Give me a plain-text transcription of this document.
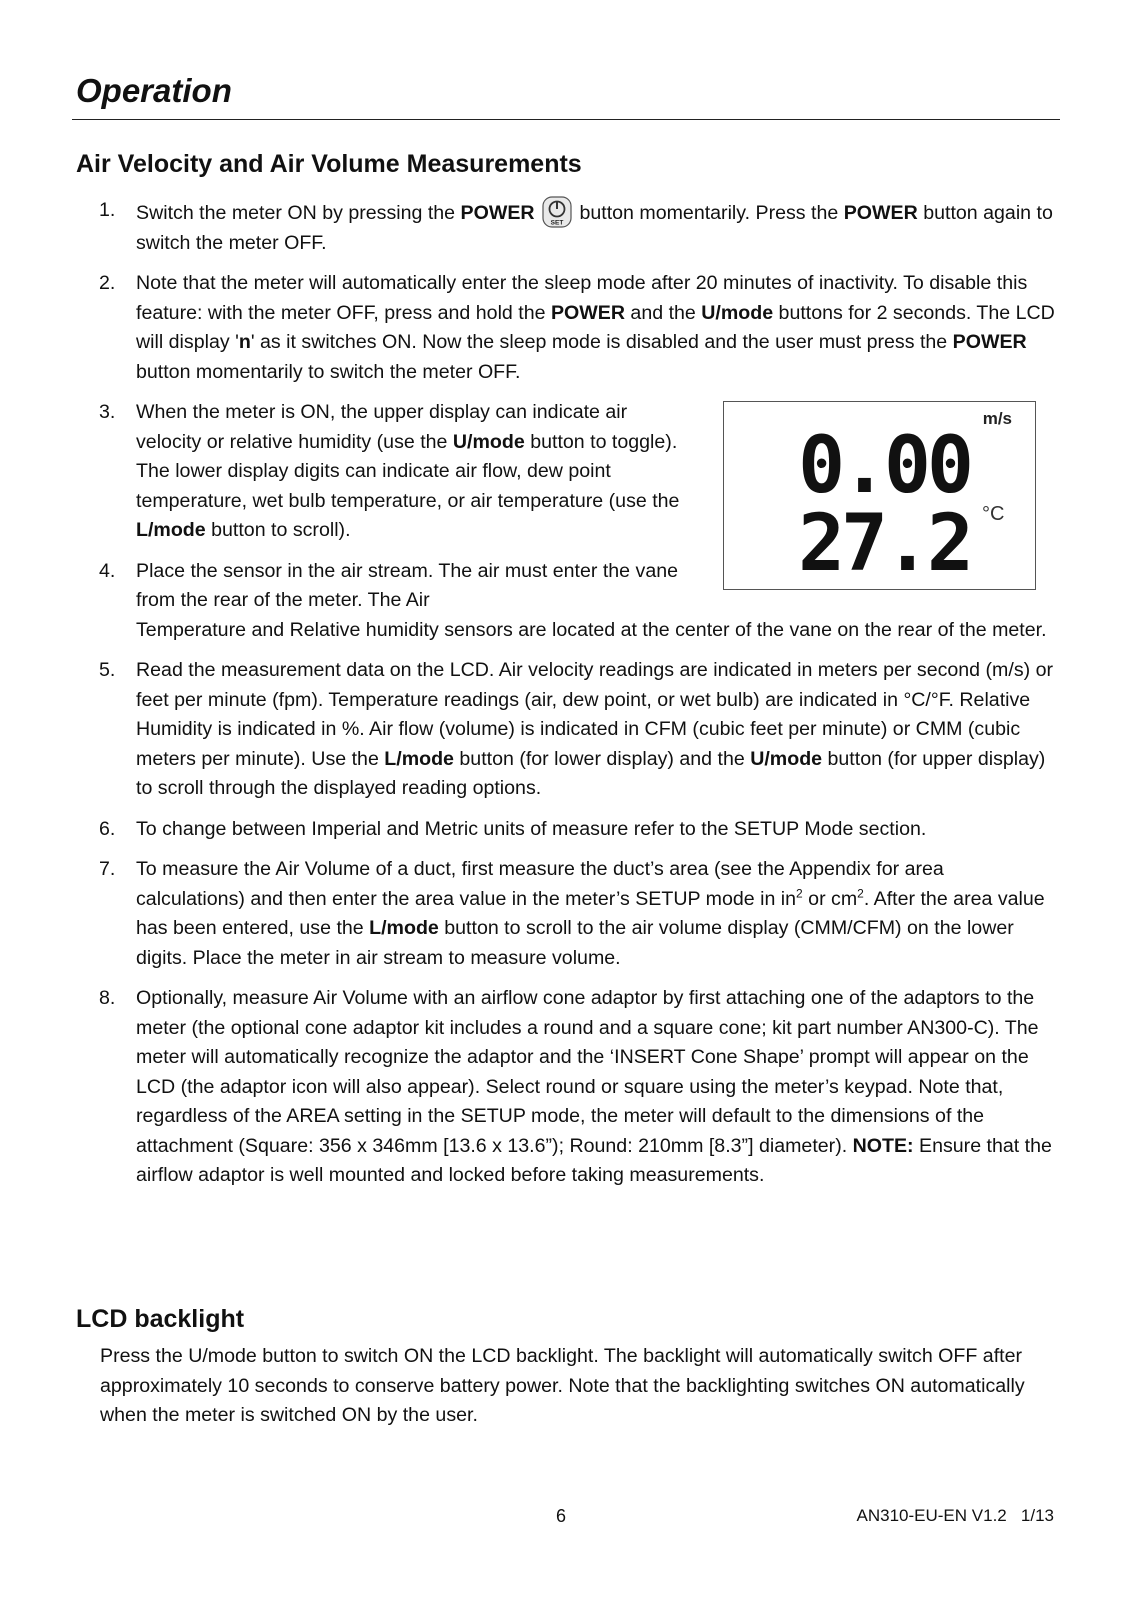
Operation
Air Velocity and Air Volume Measurements
1. Switch the meter ON by pressing the POWER SET button momentarily. Press the POWER button again to switch the meter OFF.
2. Note that the meter will automatically enter the sleep mode after 20 minutes of inactivity. To disable this feature: with the meter OFF, press and hold the POWER and the U/mode buttons for 2 seconds. The LCD will display 'n' as it switches ON. Now the sleep mode is disabled and the user must press the POWER button momentarily to switch the meter OFF.
3. When the meter is ON, the upper display can indicate air velocity or relative humidity (use the U/mode button to toggle). The lower display digits can indicate air flow, dew point temperature, wet bulb temperature, or air temperature (use the L/mode button to scroll).
4. Place the sensor in the air stream. The air must enter the vane from the rear of the meter. The Air
Temperature and Relative humidity sensors are located at the center of the vane on the rear of the meter.
5. Read the measurement data on the LCD. Air velocity readings are indicated in meters per second (m/s) or feet per minute (fpm). Temperature readings (air, dew point, or wet bulb) are indicated in °C/°F. Relative Humidity is indicated in %. Air flow (volume) is indicated in CFM (cubic feet per minute) or CMM (cubic meters per minute). Use the L/mode button (for lower display) and the U/mode button (for upper display) to scroll through the displayed reading options.
6. To change between Imperial and Metric units of measure refer to the SETUP Mode section.
7. To measure the Air Volume of a duct, first measure the duct’s area (see the Appendix for area calculations) and then enter the area value in the meter’s SETUP mode in $in^2$ or $cm^2$. After the area value has been entered, use the L/mode button to scroll to the air volume display (CMM/CFM) on the lower digits. Place the meter in air stream to measure volume.
8. Optionally, measure Air Volume with an airflow cone adaptor by first attaching one of the adaptors to the meter (the optional cone adaptor kit includes a round and a square cone; kit part number AN300-C). The meter will automatically recognize the adaptor and the ‘INSERT Cone Shape’ prompt will appear on the LCD (the adaptor icon will also appear). Select round or square using the meter’s keypad. Note that, regardless of the AREA setting in the SETUP mode, the meter will default to the dimensions of the attachment (Square: 356 x 346mm [13.6 x 13.6”); Round: 210mm [8.3”] diameter). NOTE: Ensure that the airflow adaptor is well mounted and locked before taking measurements.
m/s
0.00
27.2 °C
LCD backlight

Press the U/mode button to switch ON the LCD backlight. The backlight will automatically switch OFF after approximately 10 seconds to conserve battery power. Note that the backlighting switches ON automatically when the meter is switched ON by the user.

6	AN310-EU-EN V1.2   1/13
